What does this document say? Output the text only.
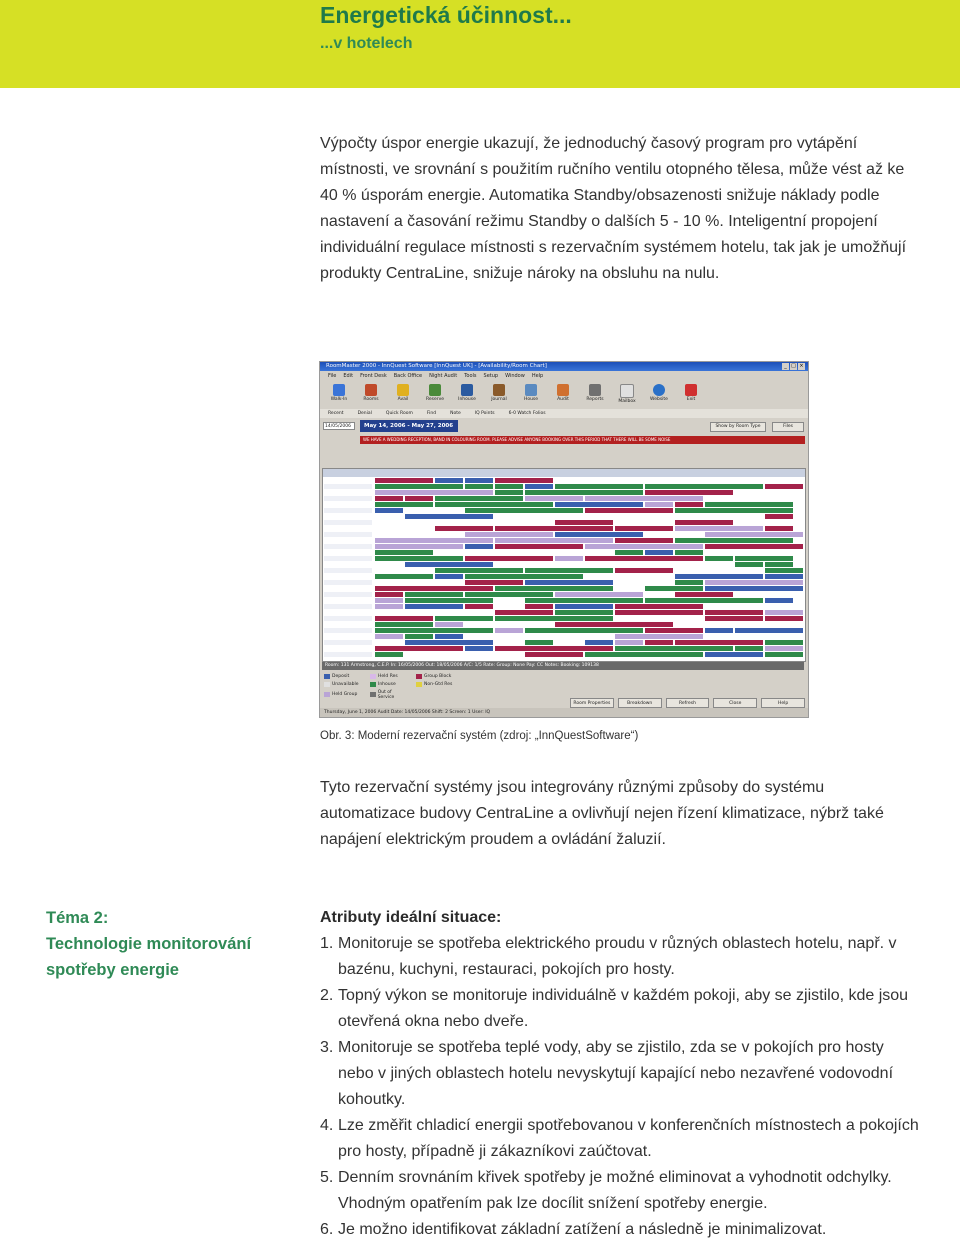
Energetická účinnost...
...v hotelech

Výpočty úspor energie ukazují, že jednoduchý časový program pro vytápění místnosti, ve srovnání s použitím ručního ventilu otopného tělesa, může vést až ke 40 % úsporám energie. Automatika Standby/obsazenosti snižuje náklady podle nastavení a časování režimu Standby o dalších 5 - 10 %. Inteligentní propojení individuální regulace místnosti s rezervačním systémem hotelu, tak jak je umožňují produkty CentraLine, snižuje nároky na obsluhu na nulu.

RoomMaster 2000 - InnQuest Software [InnQuest UK] - [Availability/Room Chart]	_ □ ×
File Edit Front Desk Back Office Night Audit Tools Setup Window Help
Walk-In	Rooms	Avail	Reserve	Inhouse	Journal	House	Audit	Reports	Mailbox	Website	Exit
Recent	Denial	Quick Room	Find	Note	IQ Points	6-0 Watch Folios
14/05/2006	May 14, 2006 - May 27, 2006	Show by Room Type	Files
WE HAVE A WEDDING RECEPTION, BAND IN COLOURING ROOM. PLEASE ADVISE ANYONE BOOKING OVER THIS PERIOD THAT THERE WILL BE SOME NOISE
Room: 131 Armstrong, C.E.P. In: 16/05/2006 Out: 18/05/2006 A/C: 1/5 Rate: Group: None Pay: CC Notes: Booking: 109138
Deposit	Held Res	Group Block
Unavailable	Inhouse	Non-Gtd Res
Held Group	Out of Service
Room Properties	Breakdown	Refresh	Close	Help
Thursday, June 1, 2006 Audit Date: 14/05/2006 Shift: 2 Screen: 1 User: IQ
Obr. 3: Moderní rezervační systém (zdroj: „InnQuestSoftware“)

Tyto rezervační systémy jsou integrovány různými způsoby do systému automatizace budovy CentraLine a ovlivňují nejen řízení klimatizace, nýbrž také napájení elektrickým proudem a ovládání žaluzií.

Téma 2:
Technologie monitorování
spotřeby energie
Atributy ideální situace:
1. Monitoruje se spotřeba elektrického proudu v různých oblastech hotelu, např. v bazénu, kuchyni, restauraci, pokojích pro hosty.
2. Topný výkon se monitoruje individuálně v každém pokoji, aby se zjistilo, kde jsou otevřená okna nebo dveře.
3. Monitoruje se spotřeba teplé vody, aby se zjistilo, zda se v pokojích pro hosty nebo v jiných oblastech hotelu nevyskytují kapající nebo nezavřené vodovodní kohoutky.
4. Lze změřit chladicí energii spotřebovanou v konferenčních místnostech a pokojích pro hosty, případně ji zákazníkovi zaúčtovat.
5. Denním srovnáním křivek spotřeby je možné eliminovat a vyhodnotit odchylky. Vhodným opatřením pak lze docílit snížení spotřeby energie.
6. Je možno identifikovat základní zatížení a následně je minimalizovat.
